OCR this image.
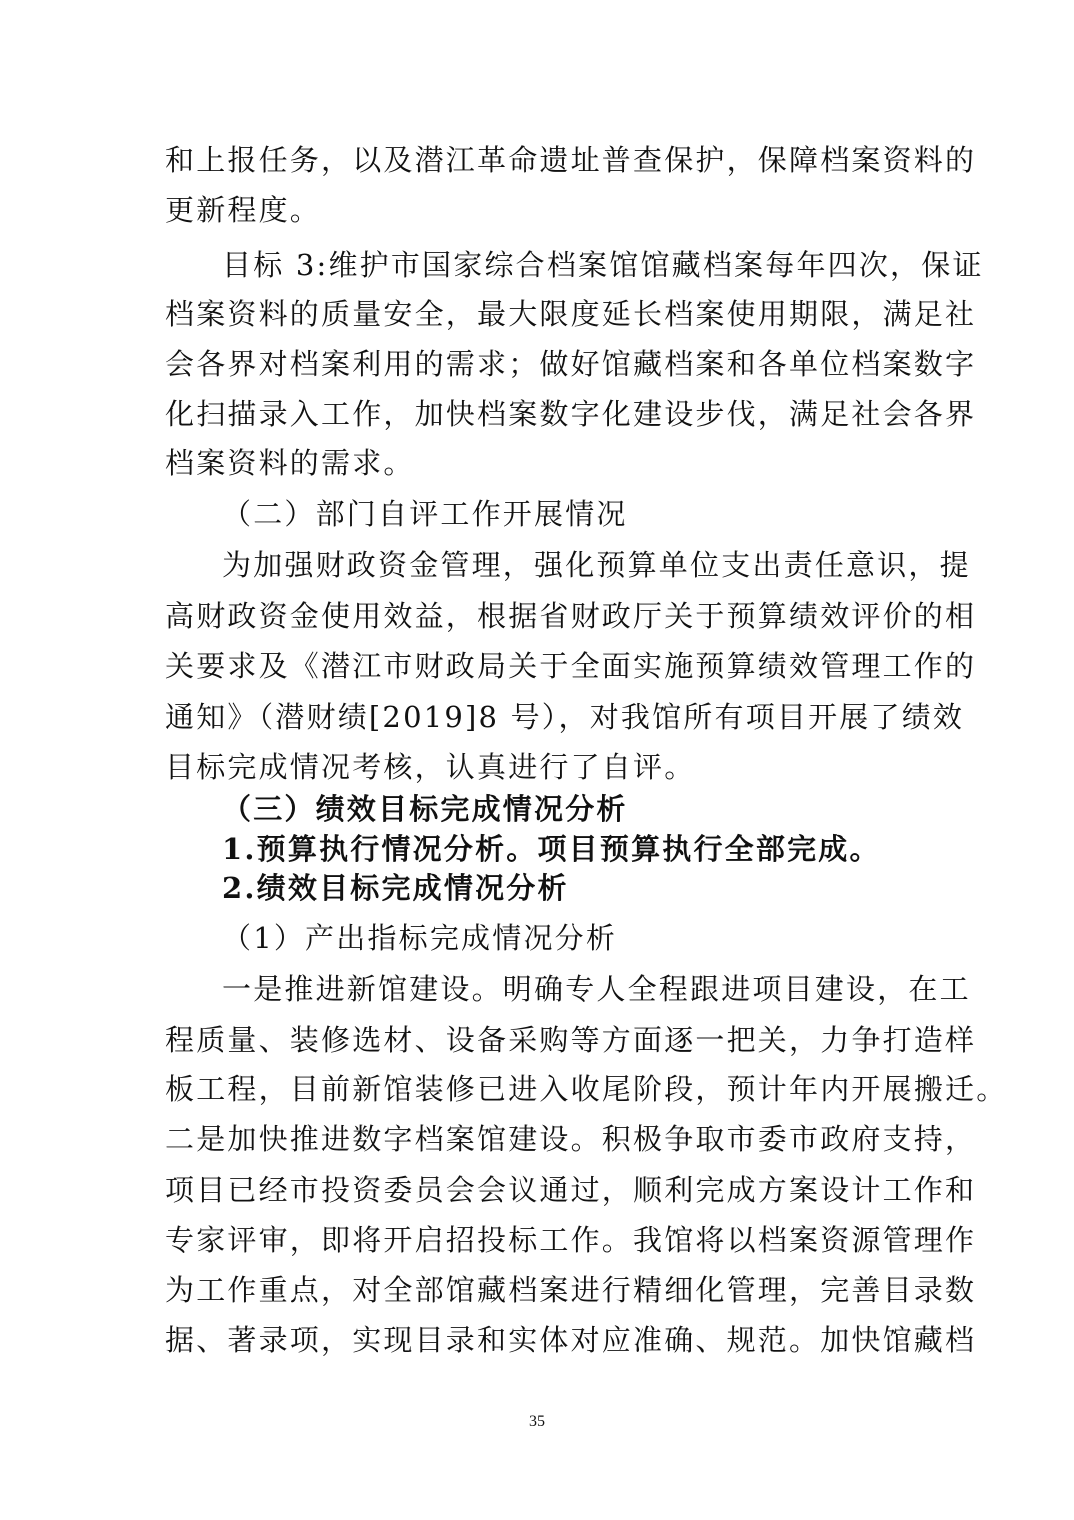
和上报任务，以及潜江革命遗址普查保护，保障档案资料的
更新程度。
目标 3:维护市国家综合档案馆馆藏档案每年四次，保证
档案资料的质量安全，最大限度延长档案使用期限，满足社
会各界对档案利用的需求；做好馆藏档案和各单位档案数字
化扫描录入工作，加快档案数字化建设步伐，满足社会各界
档案资料的需求。
（二）部门自评工作开展情况
为加强财政资金管理，强化预算单位支出责任意识，提
高财政资金使用效益，根据省财政厅关于预算绩效评价的相
关要求及《潜江市财政局关于全面实施预算绩效管理工作的
通知》（潜财绩[2019]8 号），对我馆所有项目开展了绩效
目标完成情况考核，认真进行了自评。
（三）绩效目标完成情况分析
1.预算执行情况分析。项目预算执行全部完成。
2.绩效目标完成情况分析
（1）产出指标完成情况分析
一是推进新馆建设。明确专人全程跟进项目建设，在工
程质量、装修选材、设备采购等方面逐一把关，力争打造样
板工程，目前新馆装修已进入收尾阶段，预计年内开展搬迁。
二是加快推进数字档案馆建设。积极争取市委市政府支持，
项目已经市投资委员会会议通过，顺利完成方案设计工作和
专家评审，即将开启招投标工作。我馆将以档案资源管理作
为工作重点，对全部馆藏档案进行精细化管理，完善目录数
据、著录项，实现目录和实体对应准确、规范。加快馆藏档
35
